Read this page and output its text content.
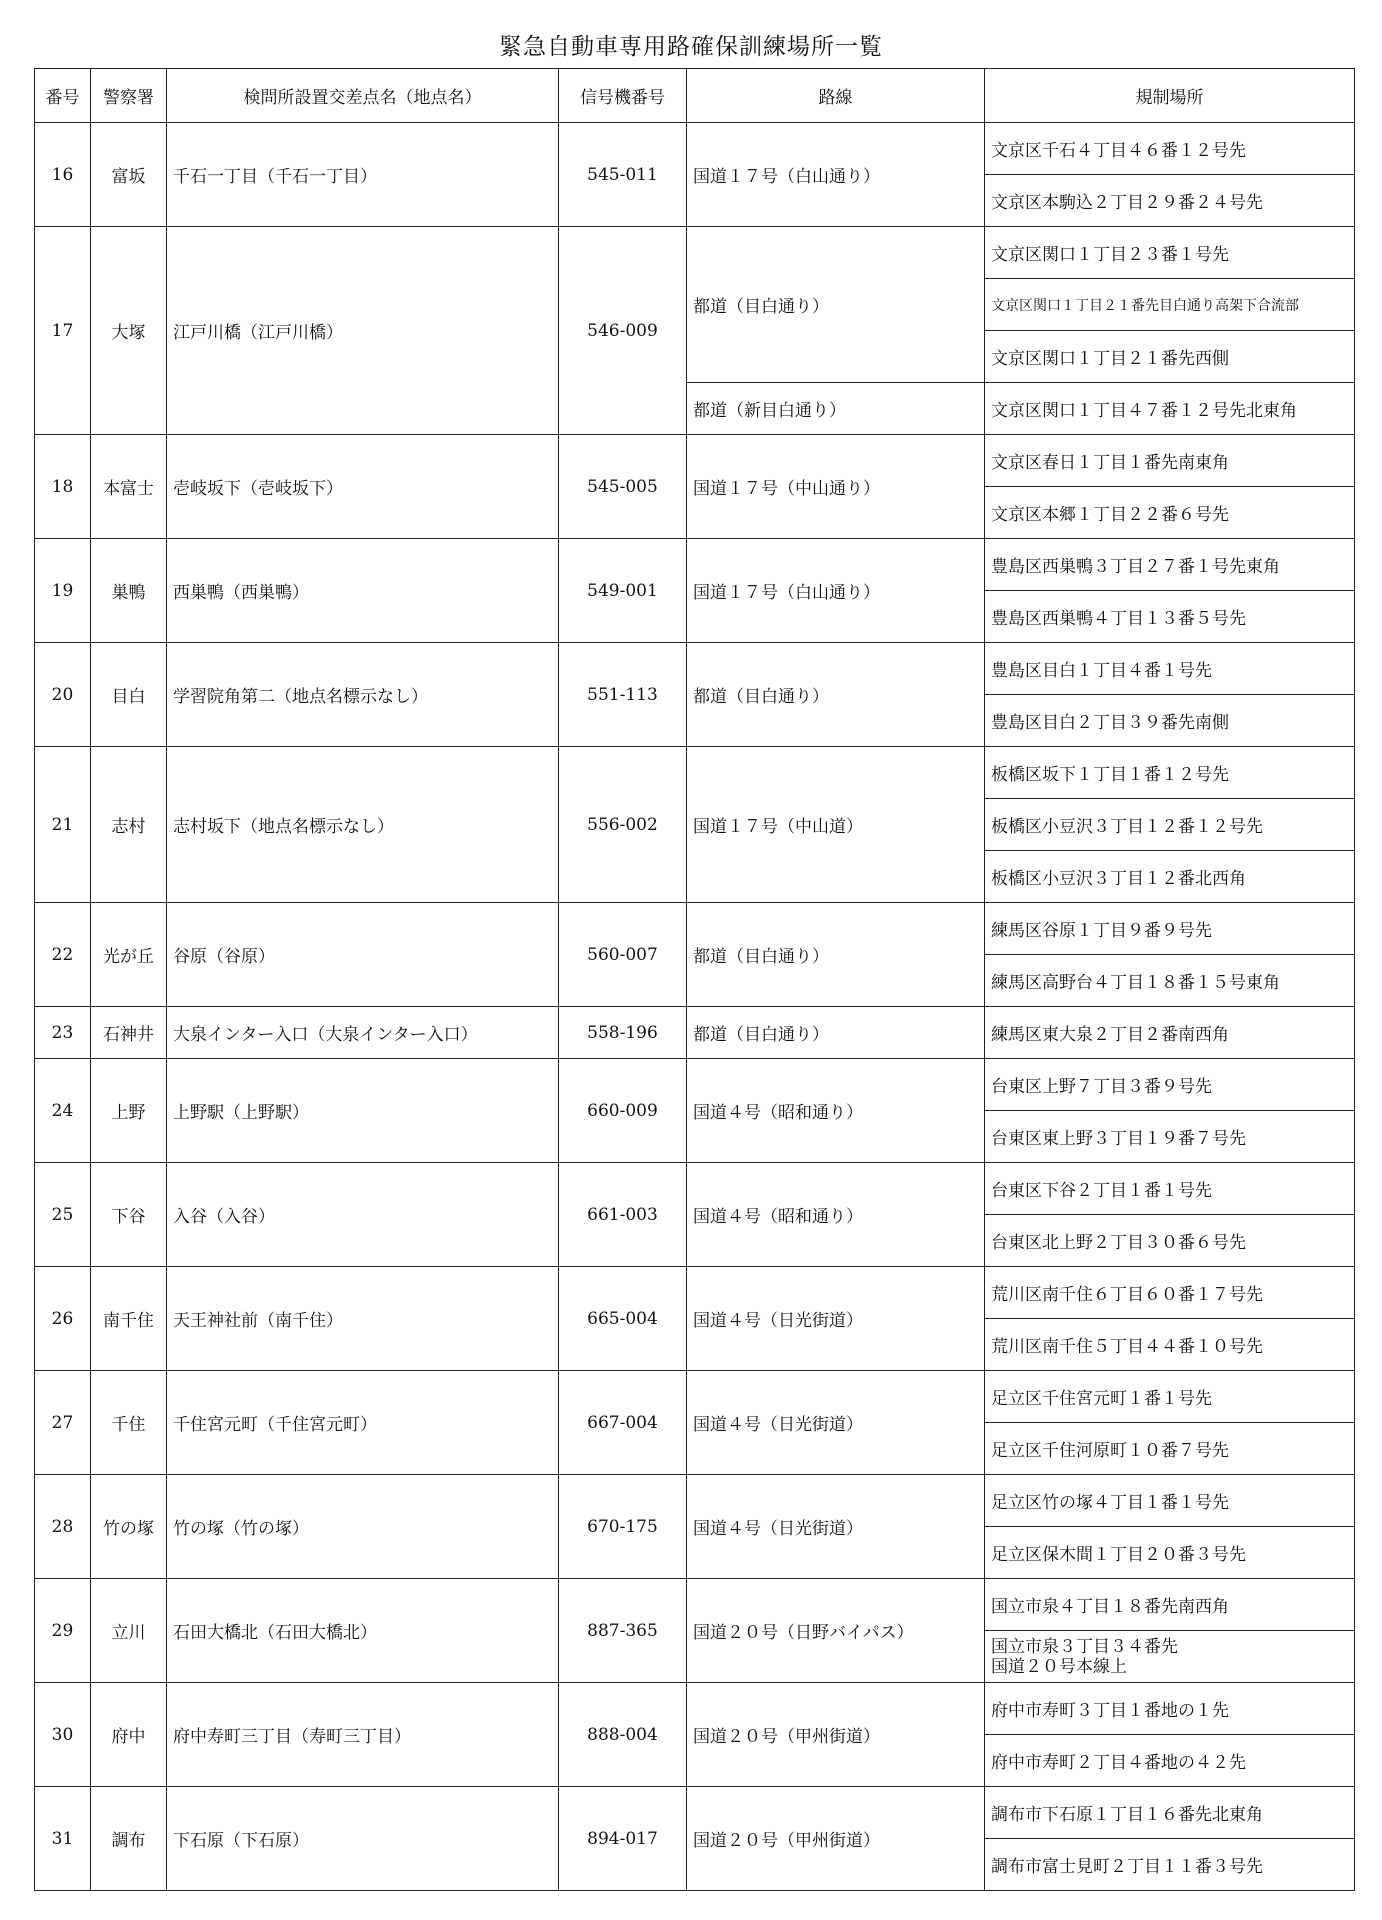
緊急自動車専用路確保訓練場所一覧
番号	警察署	検問所設置交差点名（地点名）	信号機番号	路線	規制場所
16	富坂	千石一丁目（千石一丁目）	545-011	国道１７号（白山通り）	文京区千石４丁目４６番１２号先
					文京区本駒込２丁目２９番２４号先
17	大塚	江戸川橋（江戸川橋）	546-009	都道（目白通り）	文京区関口１丁目２３番１号先
					文京区関口１丁目２１番先目白通り高架下合流部
					文京区関口１丁目２１番先西側
				都道（新目白通り）	文京区関口１丁目４７番１２号先北東角
18	本富士	壱岐坂下（壱岐坂下）	545-005	国道１７号（中山通り）	文京区春日１丁目１番先南東角
					文京区本郷１丁目２２番６号先
19	巣鴨	西巣鴨（西巣鴨）	549-001	国道１７号（白山通り）	豊島区西巣鴨３丁目２７番１号先東角
					豊島区西巣鴨４丁目１３番５号先
20	目白	学習院角第二（地点名標示なし）	551-113	都道（目白通り）	豊島区目白１丁目４番１号先
					豊島区目白２丁目３９番先南側
21	志村	志村坂下（地点名標示なし）	556-002	国道１７号（中山道）	板橋区坂下１丁目１番１２号先
					板橋区小豆沢３丁目１２番１２号先
					板橋区小豆沢３丁目１２番北西角
22	光が丘	谷原（谷原）	560-007	都道（目白通り）	練馬区谷原１丁目９番９号先
					練馬区高野台４丁目１８番１５号東角
23	石神井	大泉インター入口（大泉インター入口）	558-196	都道（目白通り）	練馬区東大泉２丁目２番南西角
24	上野	上野駅（上野駅）	660-009	国道４号（昭和通り）	台東区上野７丁目３番９号先
					台東区東上野３丁目１９番７号先
25	下谷	入谷（入谷）	661-003	国道４号（昭和通り）	台東区下谷２丁目１番１号先
					台東区北上野２丁目３０番６号先
26	南千住	天王神社前（南千住）	665-004	国道４号（日光街道）	荒川区南千住６丁目６０番１７号先
					荒川区南千住５丁目４４番１０号先
27	千住	千住宮元町（千住宮元町）	667-004	国道４号（日光街道）	足立区千住宮元町１番１号先
					足立区千住河原町１０番７号先
28	竹の塚	竹の塚（竹の塚）	670-175	国道４号（日光街道）	足立区竹の塚４丁目１番１号先
					足立区保木間１丁目２０番３号先
29	立川	石田大橋北（石田大橋北）	887-365	国道２０号（日野バイパス）	国立市泉４丁目１８番先南西角

					国立市泉３丁目３４番先
国道２０号本線上

30	府中	府中寿町三丁目（寿町三丁目）	888-004	国道２０号（甲州街道）	府中市寿町３丁目１番地の１先
					府中市寿町２丁目４番地の４２先
31	調布	下石原（下石原）	894-017	国道２０号（甲州街道）	調布市下石原１丁目１６番先北東角
					調布市富士見町２丁目１１番３号先
